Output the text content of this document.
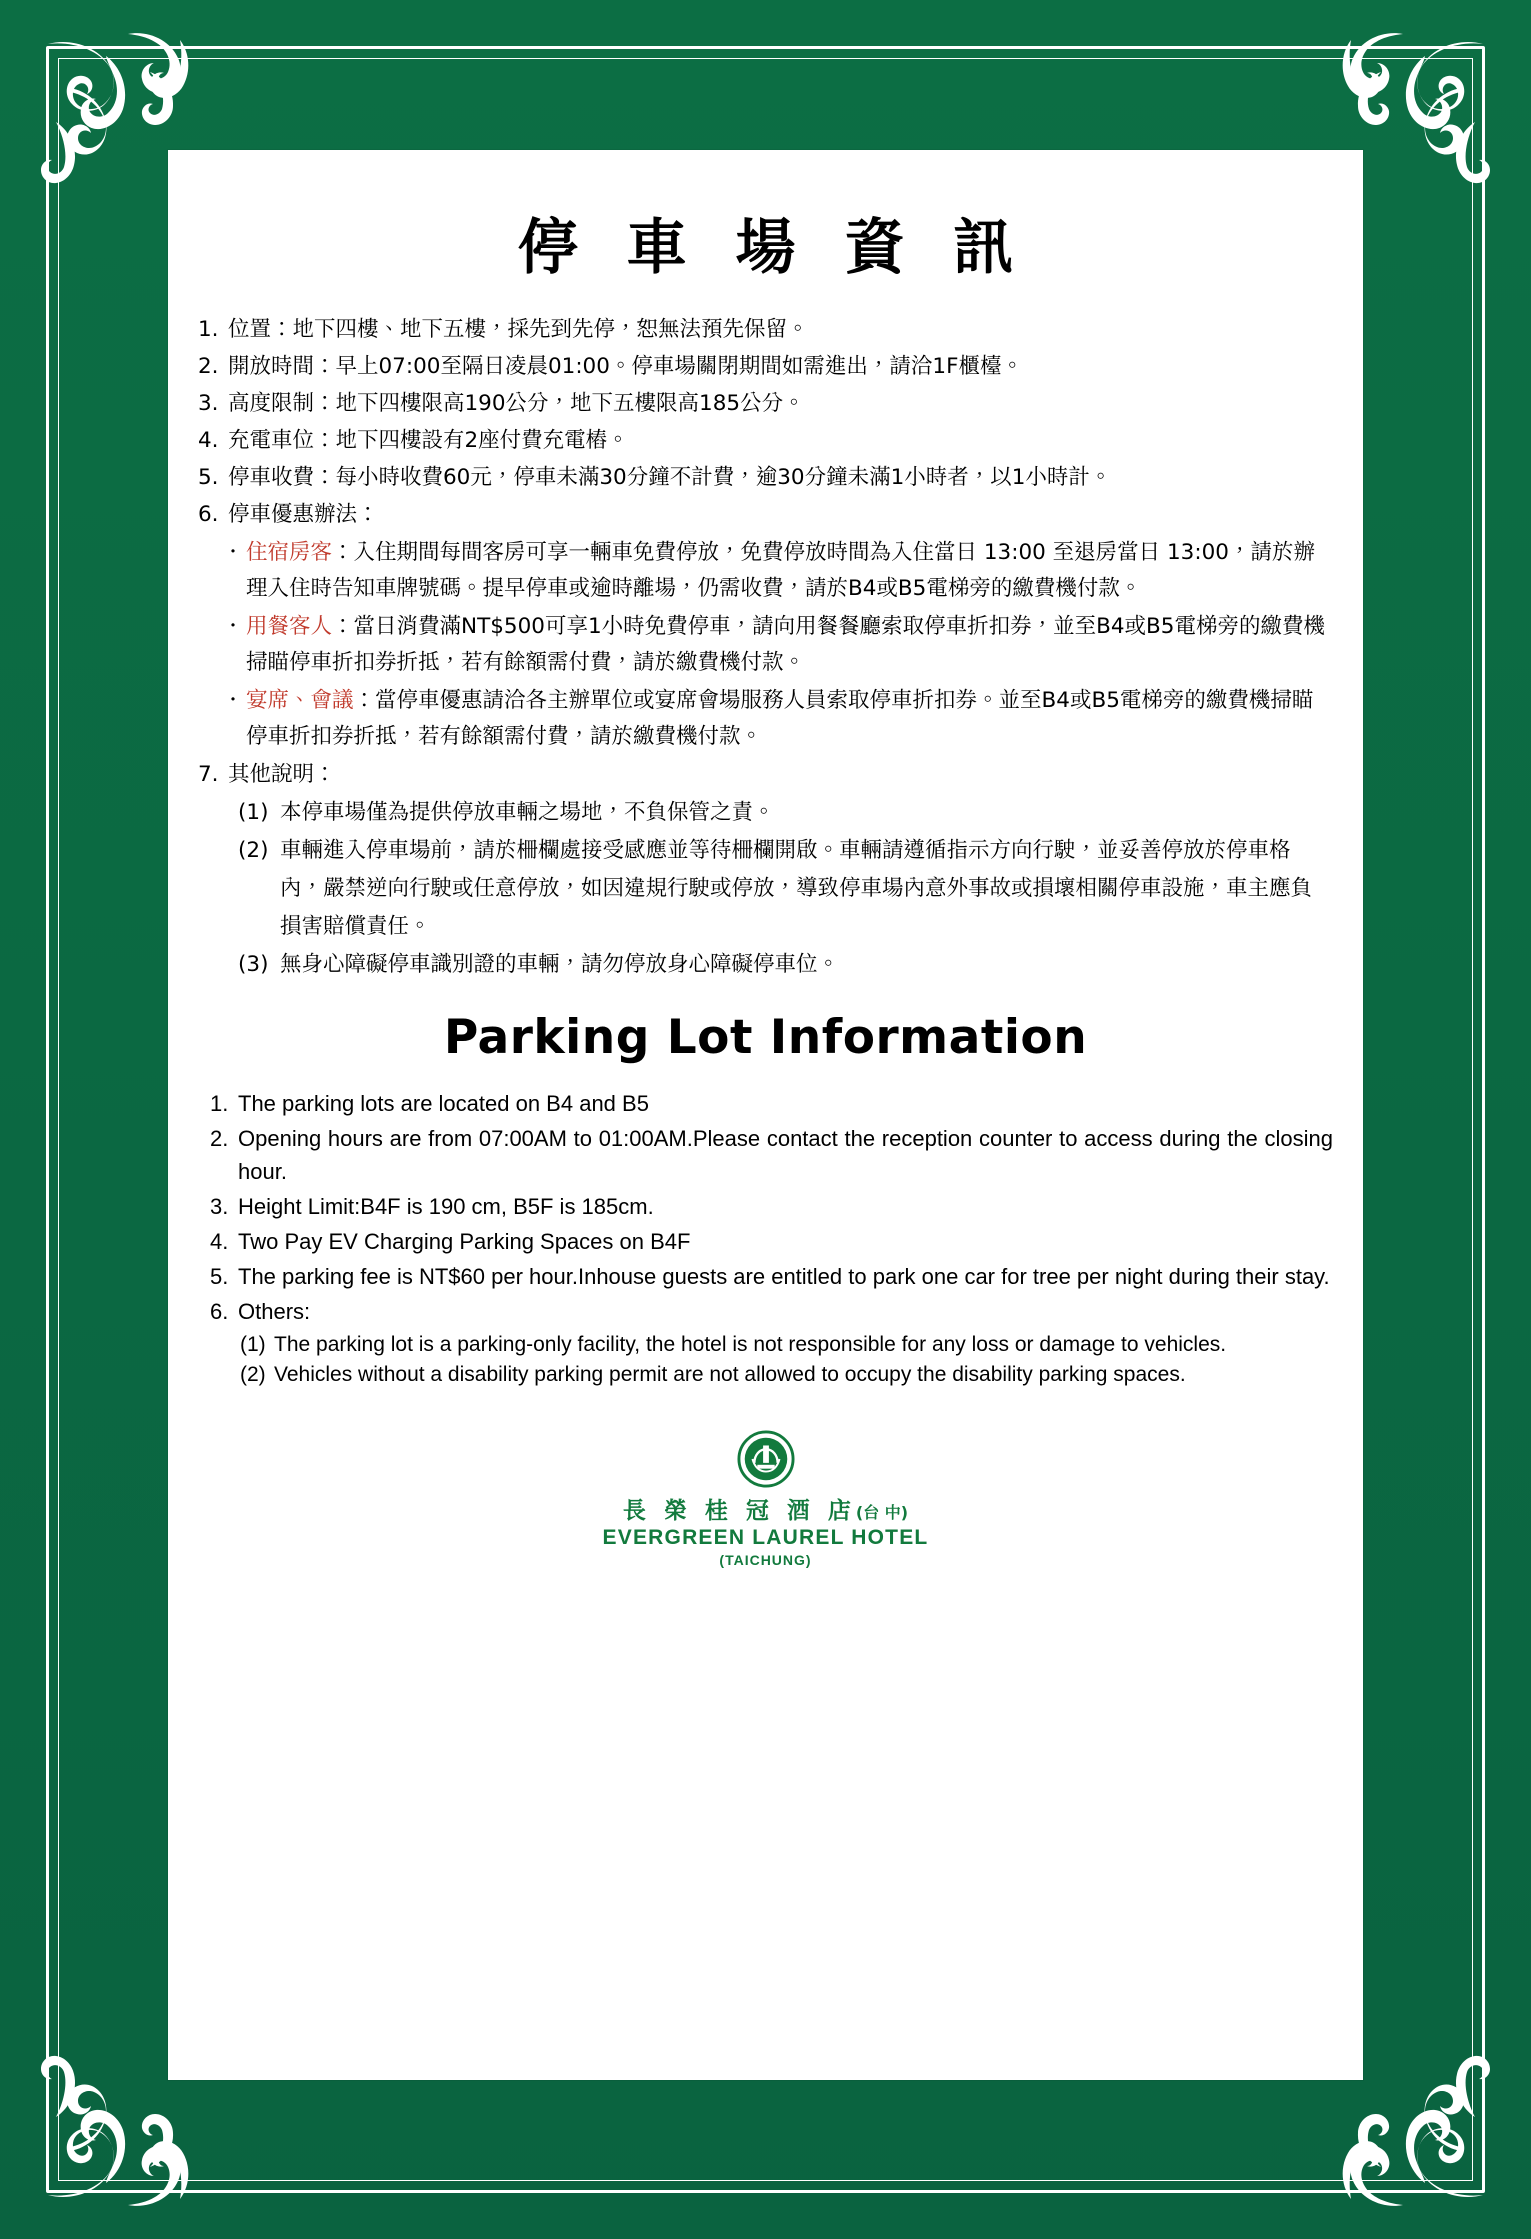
停 車 場 資 訊
1. 位置：地下四樓、地下五樓，採先到先停，恕無法預先保留。
2. 開放時間：早上07:00至隔日凌晨01:00。停車場關閉期間如需進出，請洽1F櫃檯。
3. 高度限制：地下四樓限高190公分，地下五樓限高185公分。
4. 充電車位：地下四樓設有2座付費充電樁。
5. 停車收費：每小時收費60元，停車未滿30分鐘不計費，逾30分鐘未滿1小時者，以1小時計。
6. 停車優惠辦法：
・ 住宿房客：入住期間每間客房可享一輛車免費停放，免費停放時間為入住當日 13:00 至退房當日 13:00，請於辦理入住時告知車牌號碼。提早停車或逾時離場，仍需收費，請於B4或B5電梯旁的繳費機付款。
・ 用餐客人：當日消費滿NT$500可享1小時免費停車，請向用餐餐廳索取停車折扣券，並至B4或B5電梯旁的繳費機掃瞄停車折扣券折抵，若有餘額需付費，請於繳費機付款。
・ 宴席、會議：當停車優惠請洽各主辦單位或宴席會場服務人員索取停車折扣券。並至B4或B5電梯旁的繳費機掃瞄停車折扣券折抵，若有餘額需付費，請於繳費機付款。
7. 其他說明：
(1) 本停車場僅為提供停放車輛之場地，不負保管之責。
(2) 車輛進入停車場前，請於柵欄處接受感應並等待柵欄開啟。車輛請遵循指示方向行駛，並妥善停放於停車格內，嚴禁逆向行駛或任意停放，如因違規行駛或停放，導致停車場內意外事故或損壞相關停車設施，車主應負損害賠償責任。
(3) 無身心障礙停車識別證的車輛，請勿停放身心障礙停車位。
Parking Lot Information
1. The parking lots are located on B4 and B5
2. Opening hours are from 07:00AM to 01:00AM.Please contact the reception counter to access during the closing hour.
3. Height Limit:B4F is 190 cm, B5F is 185cm.
4. Two Pay EV Charging Parking Spaces on B4F
5. The parking fee is NT$60 per hour.Inhouse guests are entitled to park one car for tree per night during their stay.
6. Others:
(1) The parking lot is a parking-only facility, the hotel is not responsible for any loss or damage to vehicles.
(2) Vehicles without a disability parking permit are not allowed to occupy the disability parking spaces.
長 榮 桂 冠 酒 店(台 中)
EVERGREEN LAUREL HOTEL
(TAICHUNG)
